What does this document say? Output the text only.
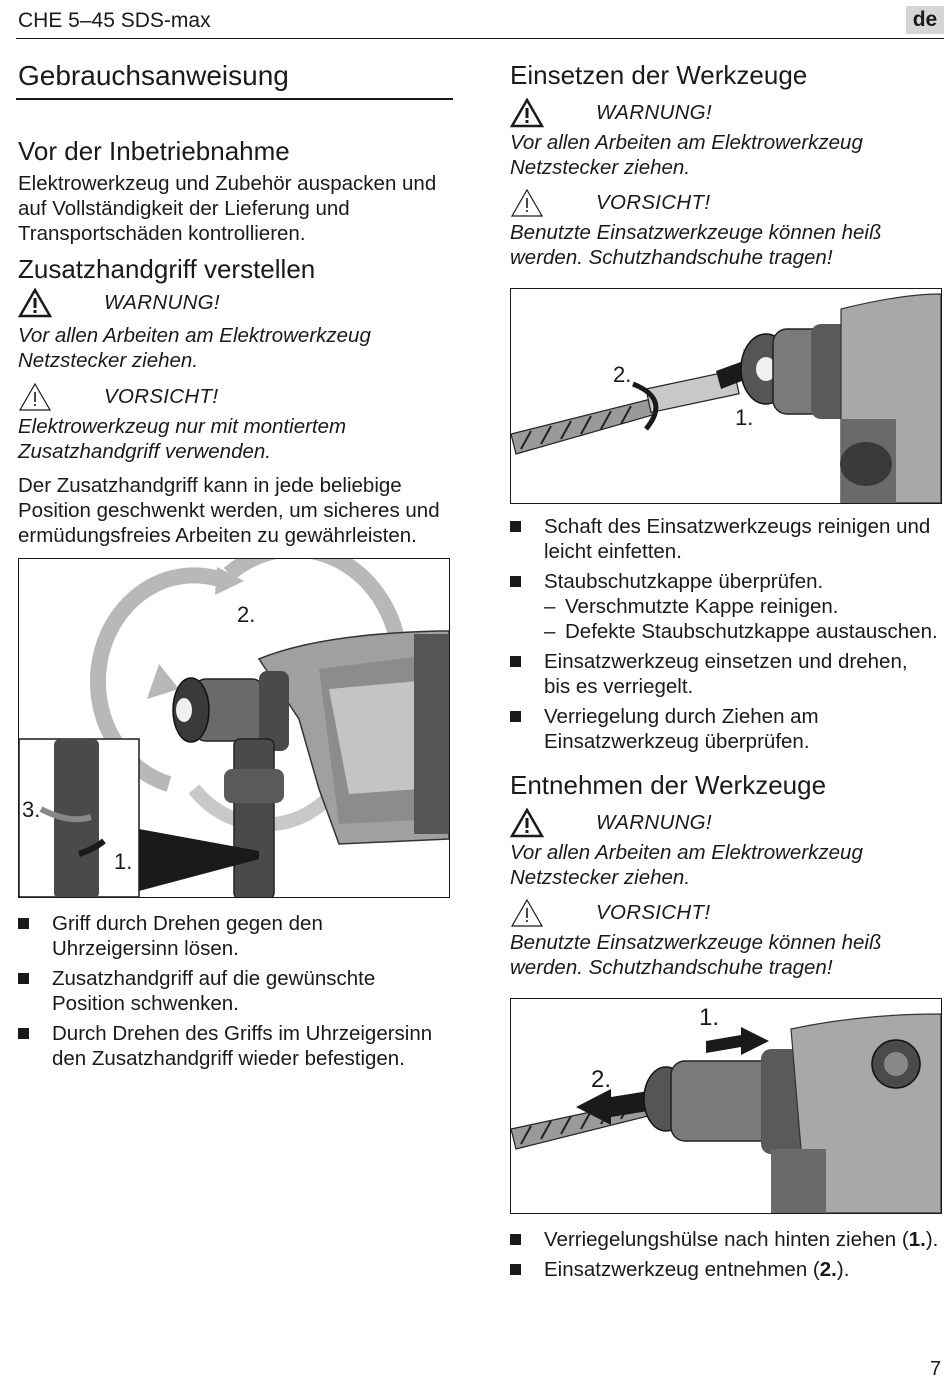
CHE 5–45 SDS-max	de
Gebrauchsanweisung
Vor der Inbetriebnahme
Elektrowerkzeug und Zubehör auspacken und
auf Vollständigkeit der Lieferung und
Transportschäden kontrollieren.
Zusatzhandgriff verstellen
WARNUNG!
Vor allen Arbeiten am Elektrowerkzeug
Netzstecker ziehen.
VORSICHT!
Elektrowerkzeug nur mit montiertem
Zusatzhandgriff verwenden.
Der Zusatzhandgriff kann in jede beliebige
Position geschwenkt werden, um sicheres und
ermüdungsfreies Arbeiten zu gewährleisten.
2.
3.
1.
Griff durch Drehen gegen den
Uhrzeigersinn lösen.
Zusatzhandgriff auf die gewünschte
Position schwenken.
Durch Drehen des Griffs im Uhrzeigersinn
den Zusatzhandgriff wieder befestigen.
Einsetzen der Werkzeuge
WARNUNG!
Vor allen Arbeiten am Elektrowerkzeug
Netzstecker ziehen.
VORSICHT!
Benutzte Einsatzwerkzeuge können heiß
werden. Schutzhandschuhe tragen!
2.
1.
Schaft des Einsatzwerkzeugs reinigen und
leicht einfetten.
Staubschutzkappe überprüfen.
– Verschmutzte Kappe reinigen.
– Defekte Staubschutzkappe austauschen.
Einsatzwerkzeug einsetzen und drehen,
bis es verriegelt.
Verriegelung durch Ziehen am
Einsatzwerkzeug überprüfen.
Entnehmen der Werkzeuge
WARNUNG!
Vor allen Arbeiten am Elektrowerkzeug
Netzstecker ziehen.
VORSICHT!
Benutzte Einsatzwerkzeuge können heiß
werden. Schutzhandschuhe tragen!
1.
2.
Verriegelungshülse nach hinten ziehen (1.).
Einsatzwerkzeug entnehmen (2.).
7
